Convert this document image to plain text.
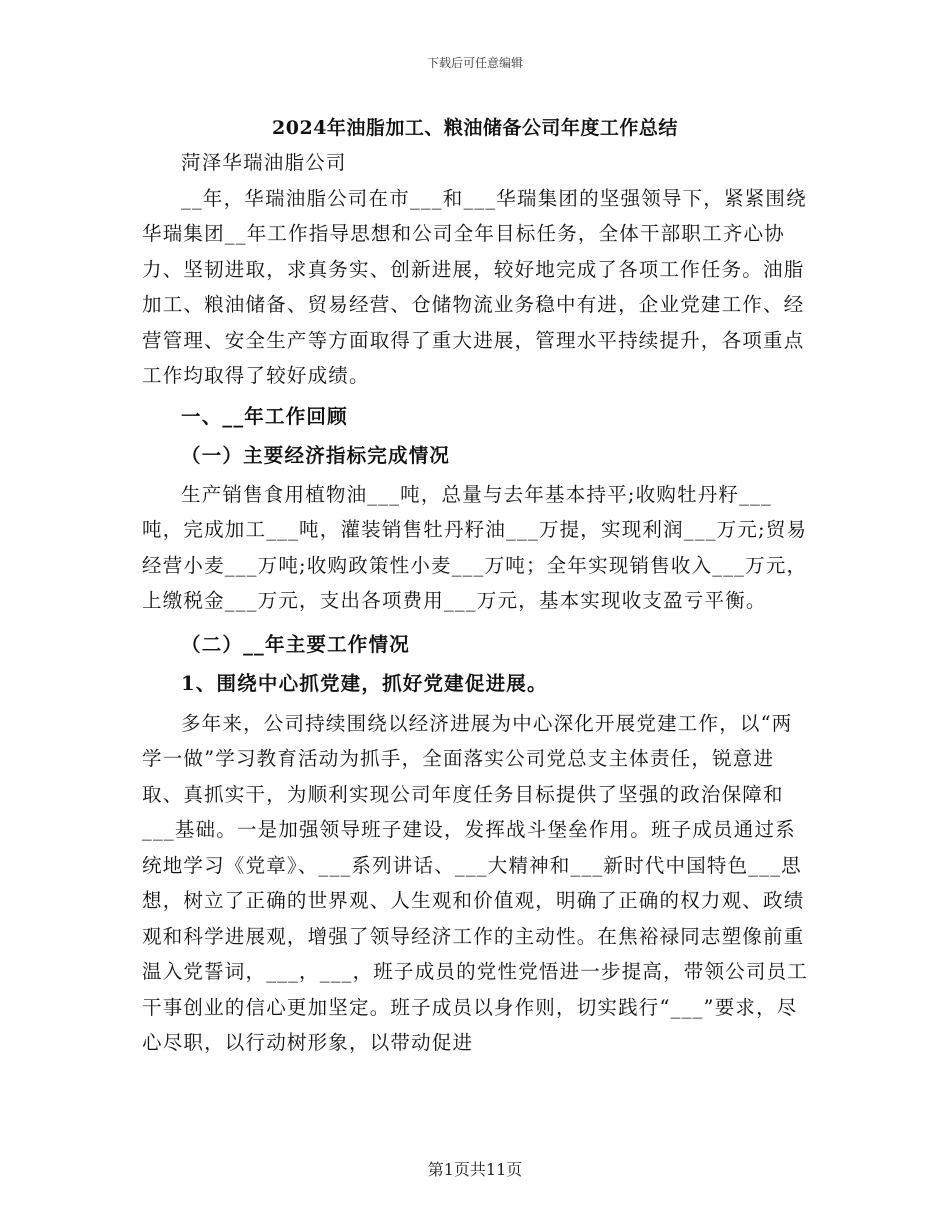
下载后可任意编辑
2024年油脂加工、粮油储备公司年度工作总结

菏泽华瑞油脂公司

__年，华瑞油脂公司在市___和___华瑞集团的坚强领导下，紧紧围绕华瑞集团__年工作指导思想和公司全年目标任务，全体干部职工齐心协力、坚韧进取，求真务实、创新进展，较好地完成了各项工作任务。油脂加工、粮油储备、贸易经营、仓储物流业务稳中有进，企业党建工作、经营管理、安全生产等方面取得了重大进展，管理水平持续提升，各项重点工作均取得了较好成绩。

一、__年工作回顾

（一）主要经济指标完成情况

生产销售食用植物油___吨，总量与去年基本持平;收购牡丹籽___吨，完成加工___吨，灌装销售牡丹籽油___万提，实现利润___万元;贸易经营小麦___万吨;收购政策性小麦___万吨；全年实现销售收入___万元，上缴税金___万元，支出各项费用___万元，基本实现收支盈亏平衡。

（二）__年主要工作情况

1、围绕中心抓党建，抓好党建促进展。

多年来，公司持续围绕以经济进展为中心深化开展党建工作，以“两学一做”学习教育活动为抓手，全面落实公司党总支主体责任，锐意进取、真抓实干，为顺利实现公司年度任务目标提供了坚强的政治保障和___基础。一是加强领导班子建设，发挥战斗堡垒作用。班子成员通过系统地学习《党章》、___系列讲话、___大精神和___新时代中国特色___思想，树立了正确的世界观、人生观和价值观，明确了正确的权力观、政绩观和科学进展观，增强了领导经济工作的主动性。在焦裕禄同志塑像前重温入党誓词，___，___，班子成员的党性党悟进一步提高，带领公司员工干事创业的信心更加坚定。班子成员以身作则，切实践行“___”要求，尽心尽职，以行动树形象，以带动促进

第1页共11页
